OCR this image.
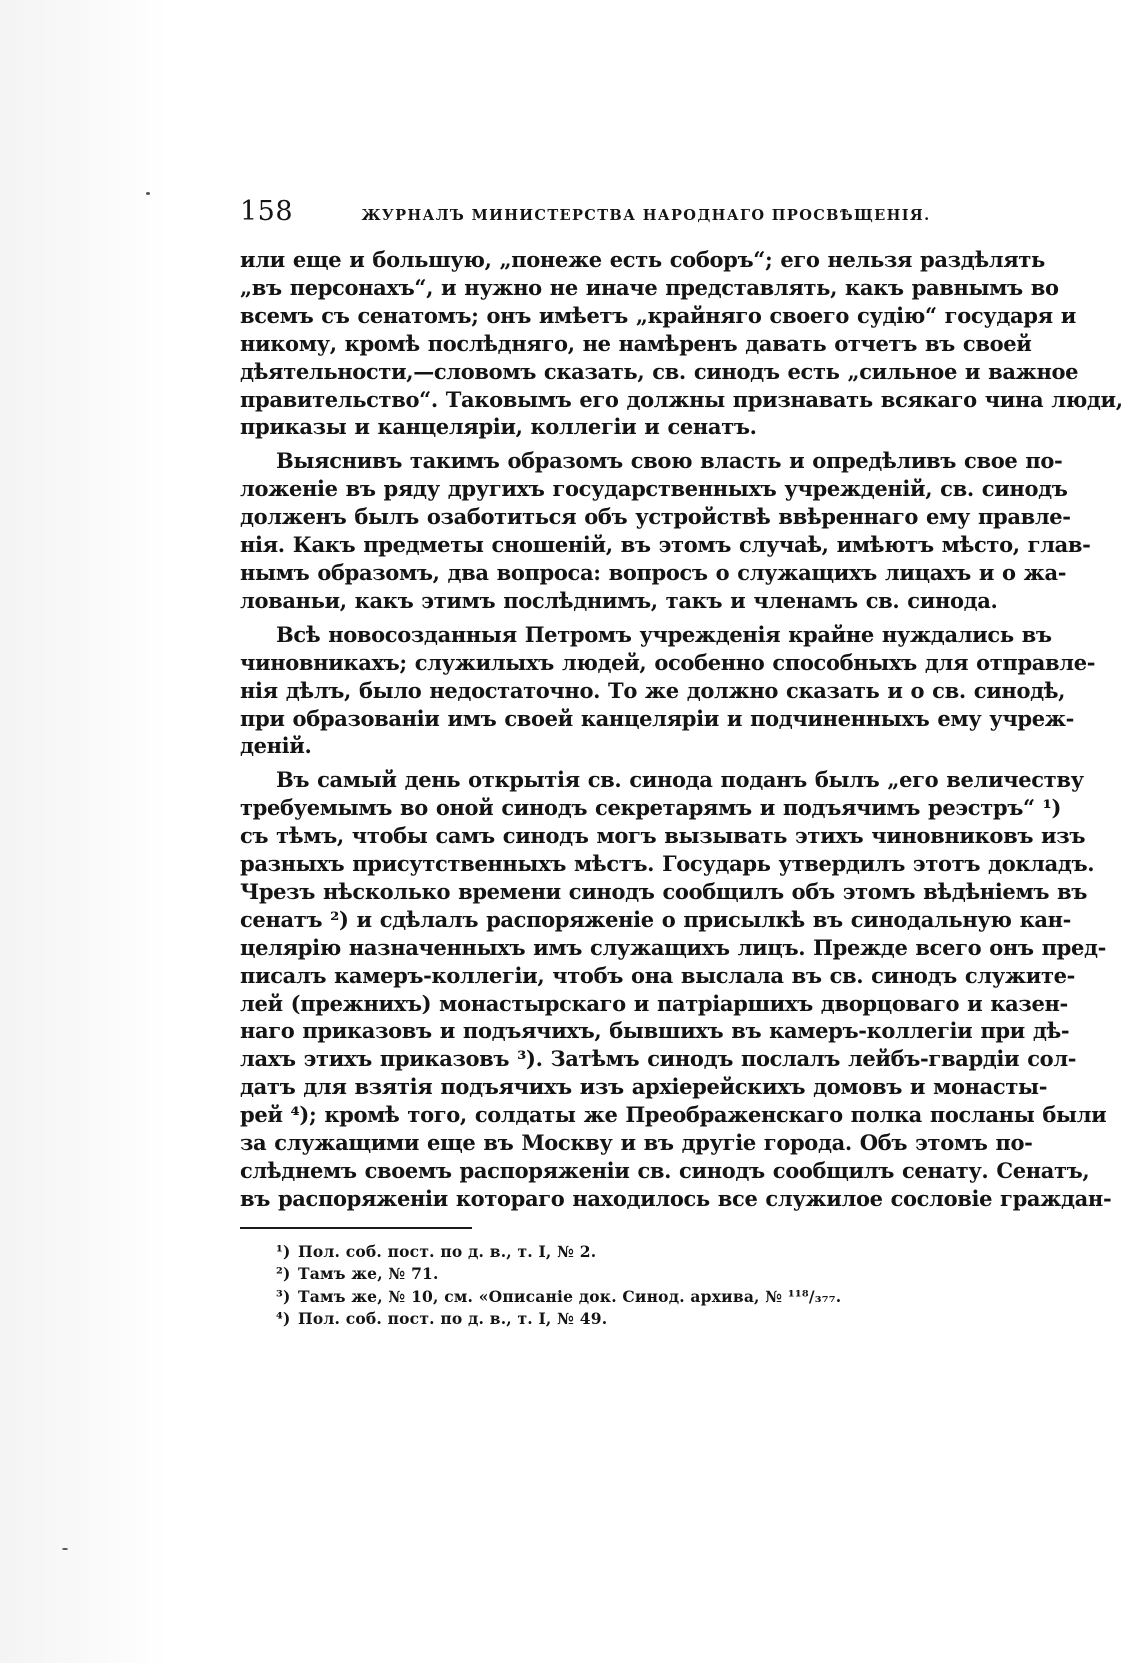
158	ЖУРНАЛЪ МИНИСТЕРСТВА НАРОДНАГО ПРОСВѢЩЕНІЯ.
или еще и большую, „понеже есть соборъ“; его нельзя раздѣлять
„въ персонахъ“, и нужно не иначе представлять, какъ равнымъ во
всемъ съ сенатомъ; онъ имѣетъ „крайняго своего судію“ государя и
никому, кромѣ послѣдняго, не намѣренъ давать отчетъ въ своей
дѣятельности,—словомъ сказать, св. синодъ есть „сильное и важное
правительство“. Таковымъ его должны признавать всякаго чина люди,
приказы и канцеляріи, коллегіи и сенатъ.
Выяснивъ такимъ образомъ свою власть и опредѣливъ свое по-
ложеніе въ ряду другихъ государственныхъ учрежденій, св. синодъ
долженъ былъ озаботиться объ устройствѣ ввѣреннаго ему правле-
нія. Какъ предметы сношеній, въ этомъ случаѣ, имѣютъ мѣсто, глав-
нымъ образомъ, два вопроса: вопросъ о служащихъ лицахъ и о жа-
лованьи, какъ этимъ послѣднимъ, такъ и членамъ св. синода.
Всѣ новосозданныя Петромъ учрежденія крайне нуждались въ
чиновникахъ; служилыхъ людей, особенно способныхъ для отправле-
нія дѣлъ, было недостаточно. То же должно сказать и о св. синодѣ,
при образованіи имъ своей канцеляріи и подчиненныхъ ему учреж-
деній.
Въ самый день открытія св. синода поданъ былъ „его величеству
требуемымъ во оной синодъ секретарямъ и подъячимъ реэстръ“ ¹)
съ тѣмъ, чтобы самъ синодъ могъ вызывать этихъ чиновниковъ изъ
разныхъ присутственныхъ мѣстъ. Государь утвердилъ этотъ докладъ.
Чрезъ нѣсколько времени синодъ сообщилъ объ этомъ вѣдѣніемъ въ
сенатъ ²) и сдѣлалъ распоряженіе о присылкѣ въ синодальную кан-
целярію назначенныхъ имъ служащихъ лицъ. Прежде всего онъ пред-
писалъ камеръ-коллегіи, чтобъ она выслала въ св. синодъ служите-
лей (прежнихъ) монастырскаго и патріаршихъ дворцоваго и казен-
наго приказовъ и подъячихъ, бывшихъ въ камеръ-коллегіи при дѣ-
лахъ этихъ приказовъ ³). Затѣмъ синодъ послалъ лейбъ-гвардіи сол-
датъ для взятія подъячихъ изъ архіерейскихъ домовъ и монасты-
рей ⁴); кромѣ того, солдаты же Преображенскаго полка посланы были
за служащими еще въ Москву и въ другіе города. Объ этомъ по-
слѣднемъ своемъ распоряженіи св. синодъ сообщилъ сенату. Сенатъ,
въ распоряженіи котораго находилось все служилое сословіе граждан-
¹) Пол. соб. пост. по д. в., т. I, № 2.
²) Тамъ же, № 71.
³) Тамъ же, № 10, см. «Описаніе док. Синод. архива, № ¹¹⁸/₃₇₇.
⁴) Пол. соб. пост. по д. в., т. I, № 49.
